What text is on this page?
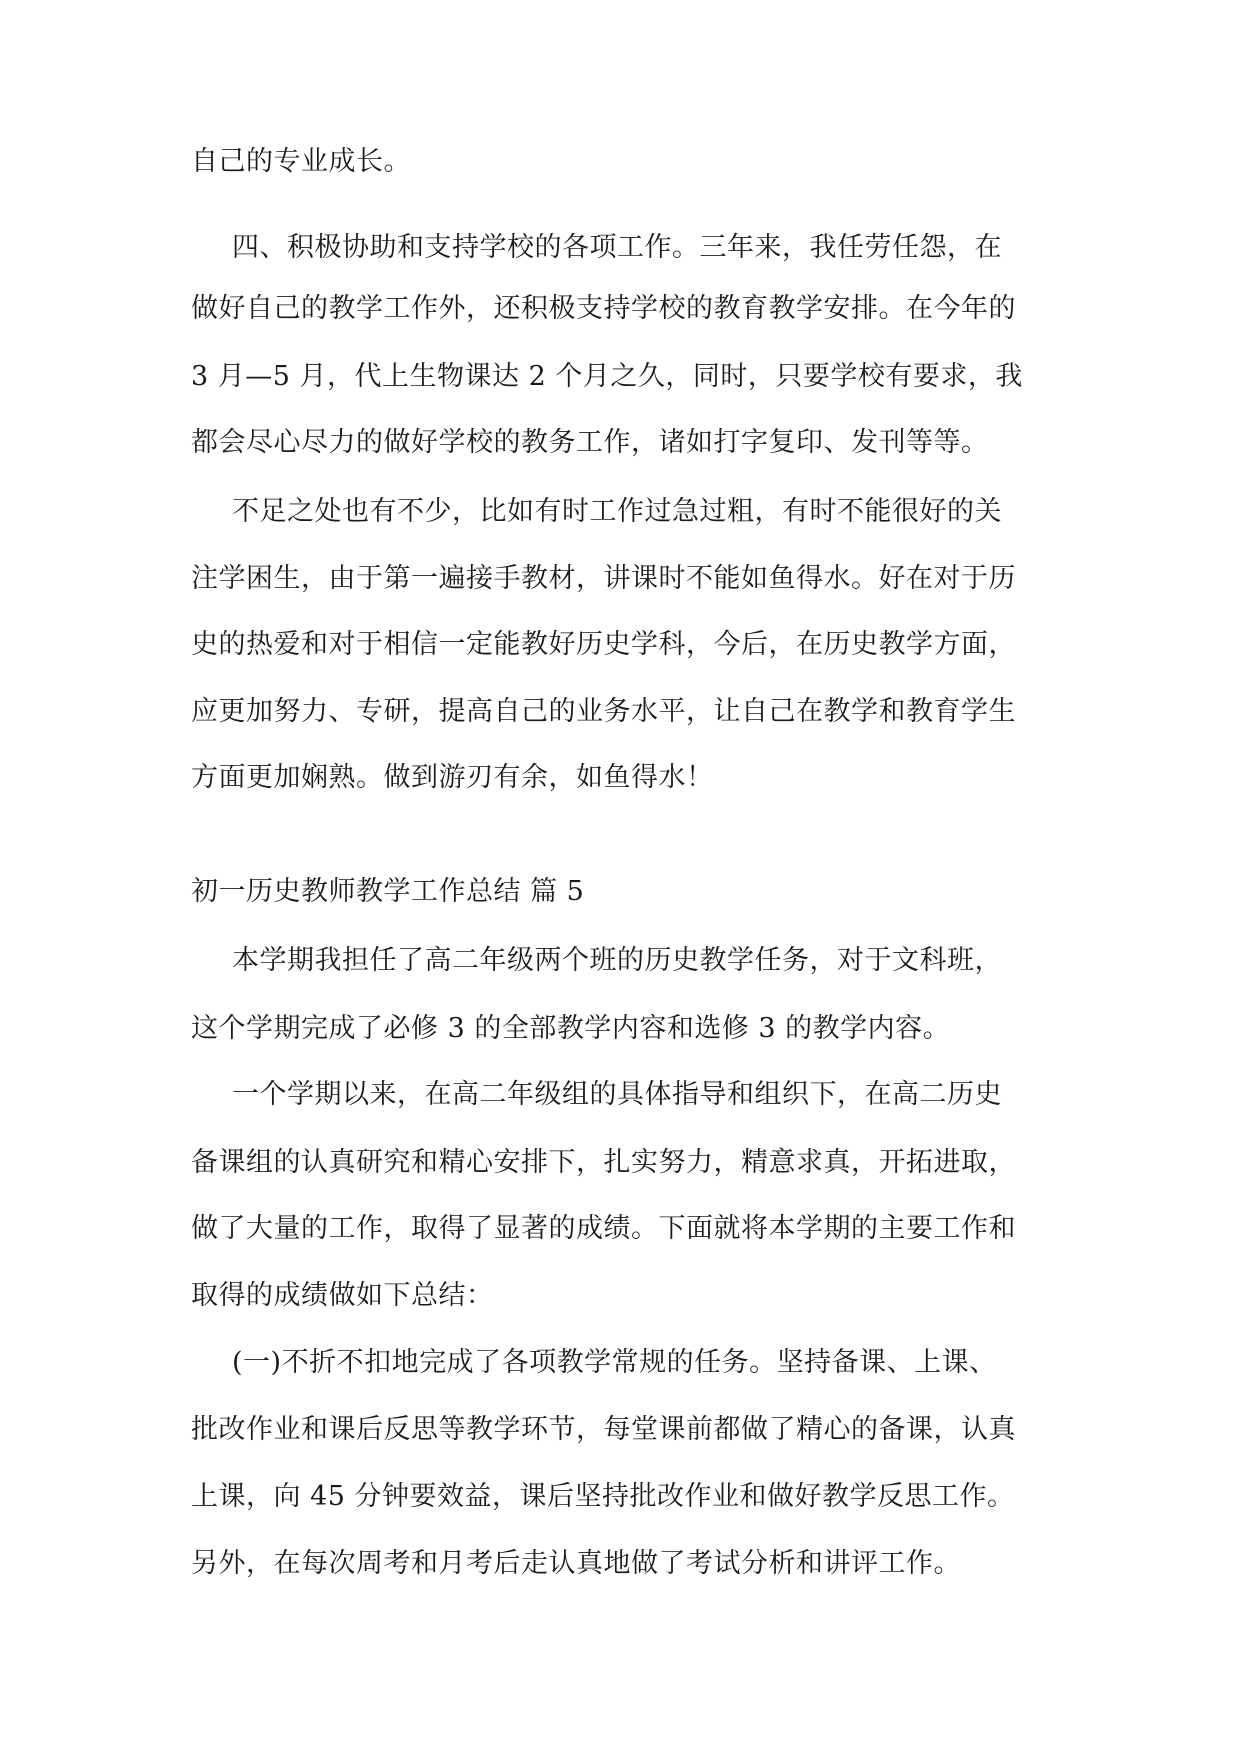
自己的专业成长。
四、积极协助和支持学校的各项工作。三年来，我任劳任怨，在
做好自己的教学工作外，还积极支持学校的教育教学安排。在今年的
3 月—5 月，代上生物课达 2 个月之久，同时，只要学校有要求，我
都会尽心尽力的做好学校的教务工作，诸如打字复印、发刊等等。
不足之处也有不少，比如有时工作过急过粗，有时不能很好的关
注学困生，由于第一遍接手教材，讲课时不能如鱼得水。好在对于历
史的热爱和对于相信一定能教好历史学科，今后，在历史教学方面，
应更加努力、专研，提高自己的业务水平，让自己在教学和教育学生
方面更加娴熟。做到游刃有余，如鱼得水！
初一历史教师教学工作总结 篇 5
本学期我担任了高二年级两个班的历史教学任务，对于文科班，
这个学期完成了必修 3 的全部教学内容和选修 3 的教学内容。
一个学期以来，在高二年级组的具体指导和组织下，在高二历史
备课组的认真研究和精心安排下，扎实努力，精意求真，开拓进取，
做了大量的工作，取得了显著的成绩。下面就将本学期的主要工作和
取得的成绩做如下总结：
(一)不折不扣地完成了各项教学常规的任务。坚持备课、上课、
批改作业和课后反思等教学环节，每堂课前都做了精心的备课，认真
上课，向 45 分钟要效益，课后坚持批改作业和做好教学反思工作。
另外，在每次周考和月考后走认真地做了考试分析和讲评工作。
